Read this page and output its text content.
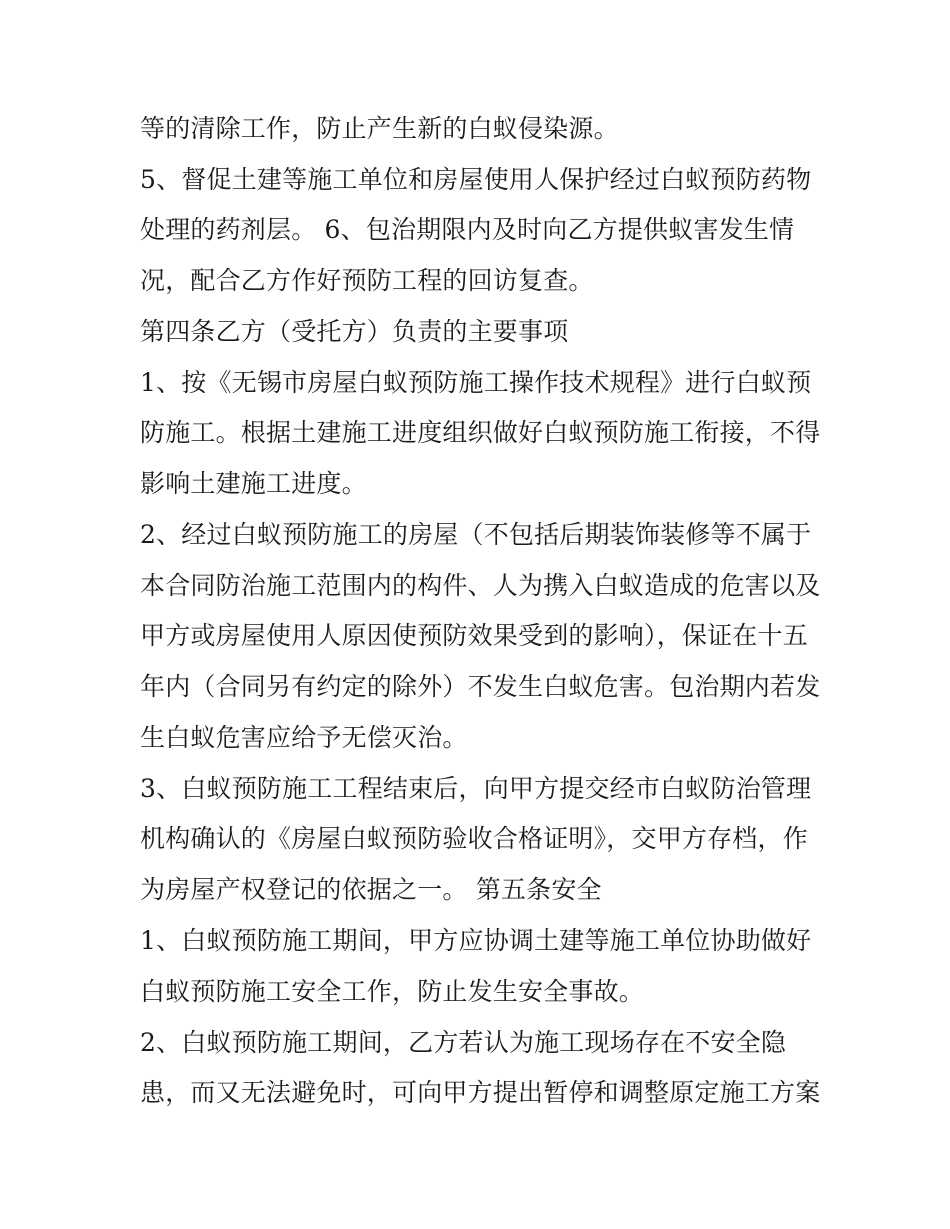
等的清除工作，防止产生新的白蚁侵染源。
5、督促土建等施工单位和房屋使用人保护经过白蚁预防药物
处理的药剂层。 6、包治期限内及时向乙方提供蚁害发生情
况，配合乙方作好预防工程的回访复查。
第四条乙方（受托方）负责的主要事项
1、按《无锡市房屋白蚁预防施工操作技术规程》进行白蚁预
防施工。根据土建施工进度组织做好白蚁预防施工衔接，不得
影响土建施工进度。
2、经过白蚁预防施工的房屋（不包括后期装饰装修等不属于
本合同防治施工范围内的构件、人为携入白蚁造成的危害以及
甲方或房屋使用人原因使预防效果受到的影响），保证在十五
年内（合同另有约定的除外）不发生白蚁危害。包治期内若发
生白蚁危害应给予无偿灭治。
3、白蚁预防施工工程结束后，向甲方提交经市白蚁防治管理
机构确认的《房屋白蚁预防验收合格证明》，交甲方存档，作
为房屋产权登记的依据之一。 第五条安全
1、白蚁预防施工期间，甲方应协调土建等施工单位协助做好
白蚁预防施工安全工作，防止发生安全事故。
2、白蚁预防施工期间，乙方若认为施工现场存在不安全隐
患，而又无法避免时，可向甲方提出暂停和调整原定施工方案
